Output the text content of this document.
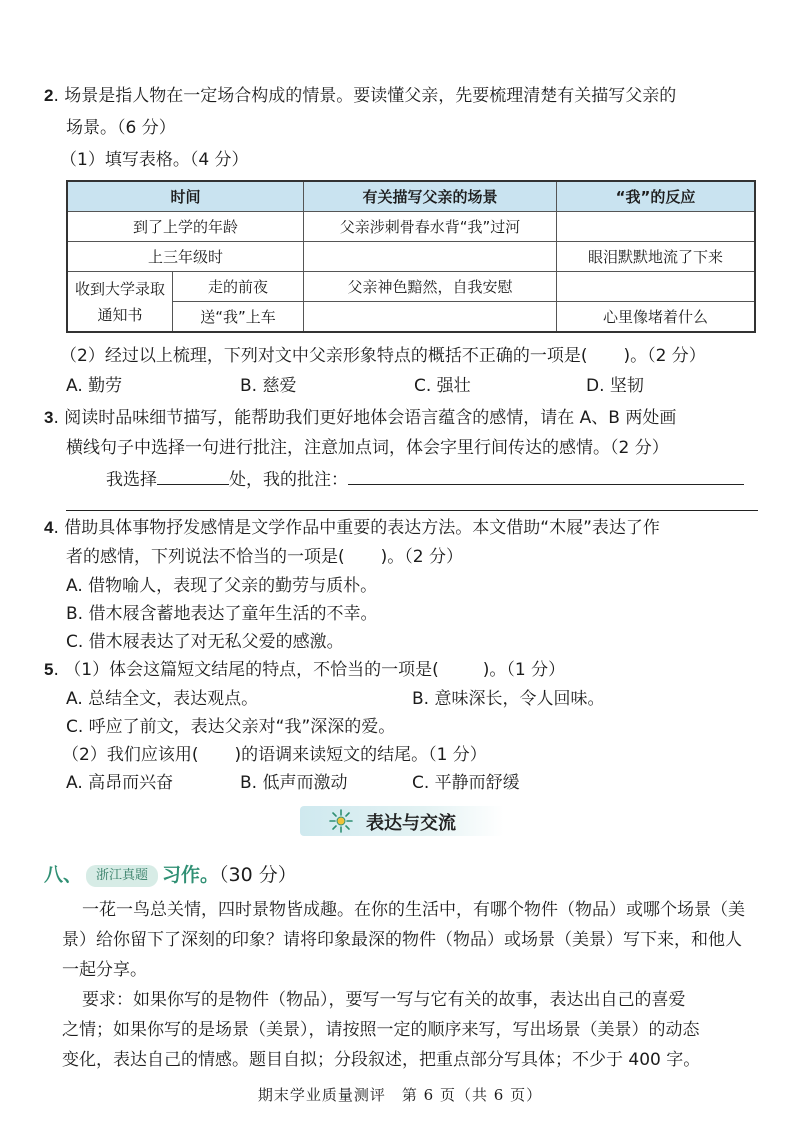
2. 场景是指人物在一定场合构成的情景。要读懂父亲，先要梳理清楚有关描写父亲的
场景。（6 分）
（1）填写表格。（4 分）
时间		有关描写父亲的场景	“我”的反应
到了上学的年龄		父亲涉刺骨春水背“我”过河	
上三年级时			眼泪默默地流了下来
收到大学录取通知书	走的前夜	父亲神色黯然，自我安慰	
	送“我”上车		心里像堵着什么
（2）经过以上梳理，下列对文中父亲形象特点的概括不正确的一项是( )。（2 分）
A. 勤劳	B. 慈爱	C. 强壮	D. 坚韧
3. 阅读时品味细节描写，能帮助我们更好地体会语言蕴含的感情，请在 A、B 两处画
横线句子中选择一句进行批注，注意加点词，体会字里行间传达的感情。（2 分）
我选择	处，我的批注：
4. 借助具体事物抒发感情是文学作品中重要的表达方法。本文借助“木屐”表达了作
者的感情，下列说法不恰当的一项是( )。（2 分）
A. 借物喻人，表现了父亲的勤劳与质朴。
B. 借木屐含蓄地表达了童年生活的不幸。
C. 借木屐表达了对无私父爱的感激。
5. （1）体会这篇短文结尾的特点，不恰当的一项是(	)。（1 分）
A. 总结全文，表达观点。	B. 意味深长，令人回味。
C. 呼应了前文，表达父亲对“我”深深的爱。
（2）我们应该用( )的语调来读短文的结尾。（1 分）
A. 高昂而兴奋	B. 低声而激动	C. 平静而舒缓
表达与交流
八、 浙江真题 习作。（30 分）
一花一鸟总关情，四时景物皆成趣。在你的生活中，有哪个物件（物品）或哪个场景（美
景）给你留下了深刻的印象？请将印象最深的物件（物品）或场景（美景）写下来，和他人
一起分享。
要求：如果你写的是物件（物品），要写一写与它有关的故事，表达出自己的喜爱
之情；如果你写的是场景（美景），请按照一定的顺序来写，写出场景（美景）的动态
变化，表达自己的情感。题目自拟；分段叙述，把重点部分写具体；不少于 400 字。
期末学业质量测评　第 6 页（共 6 页）
